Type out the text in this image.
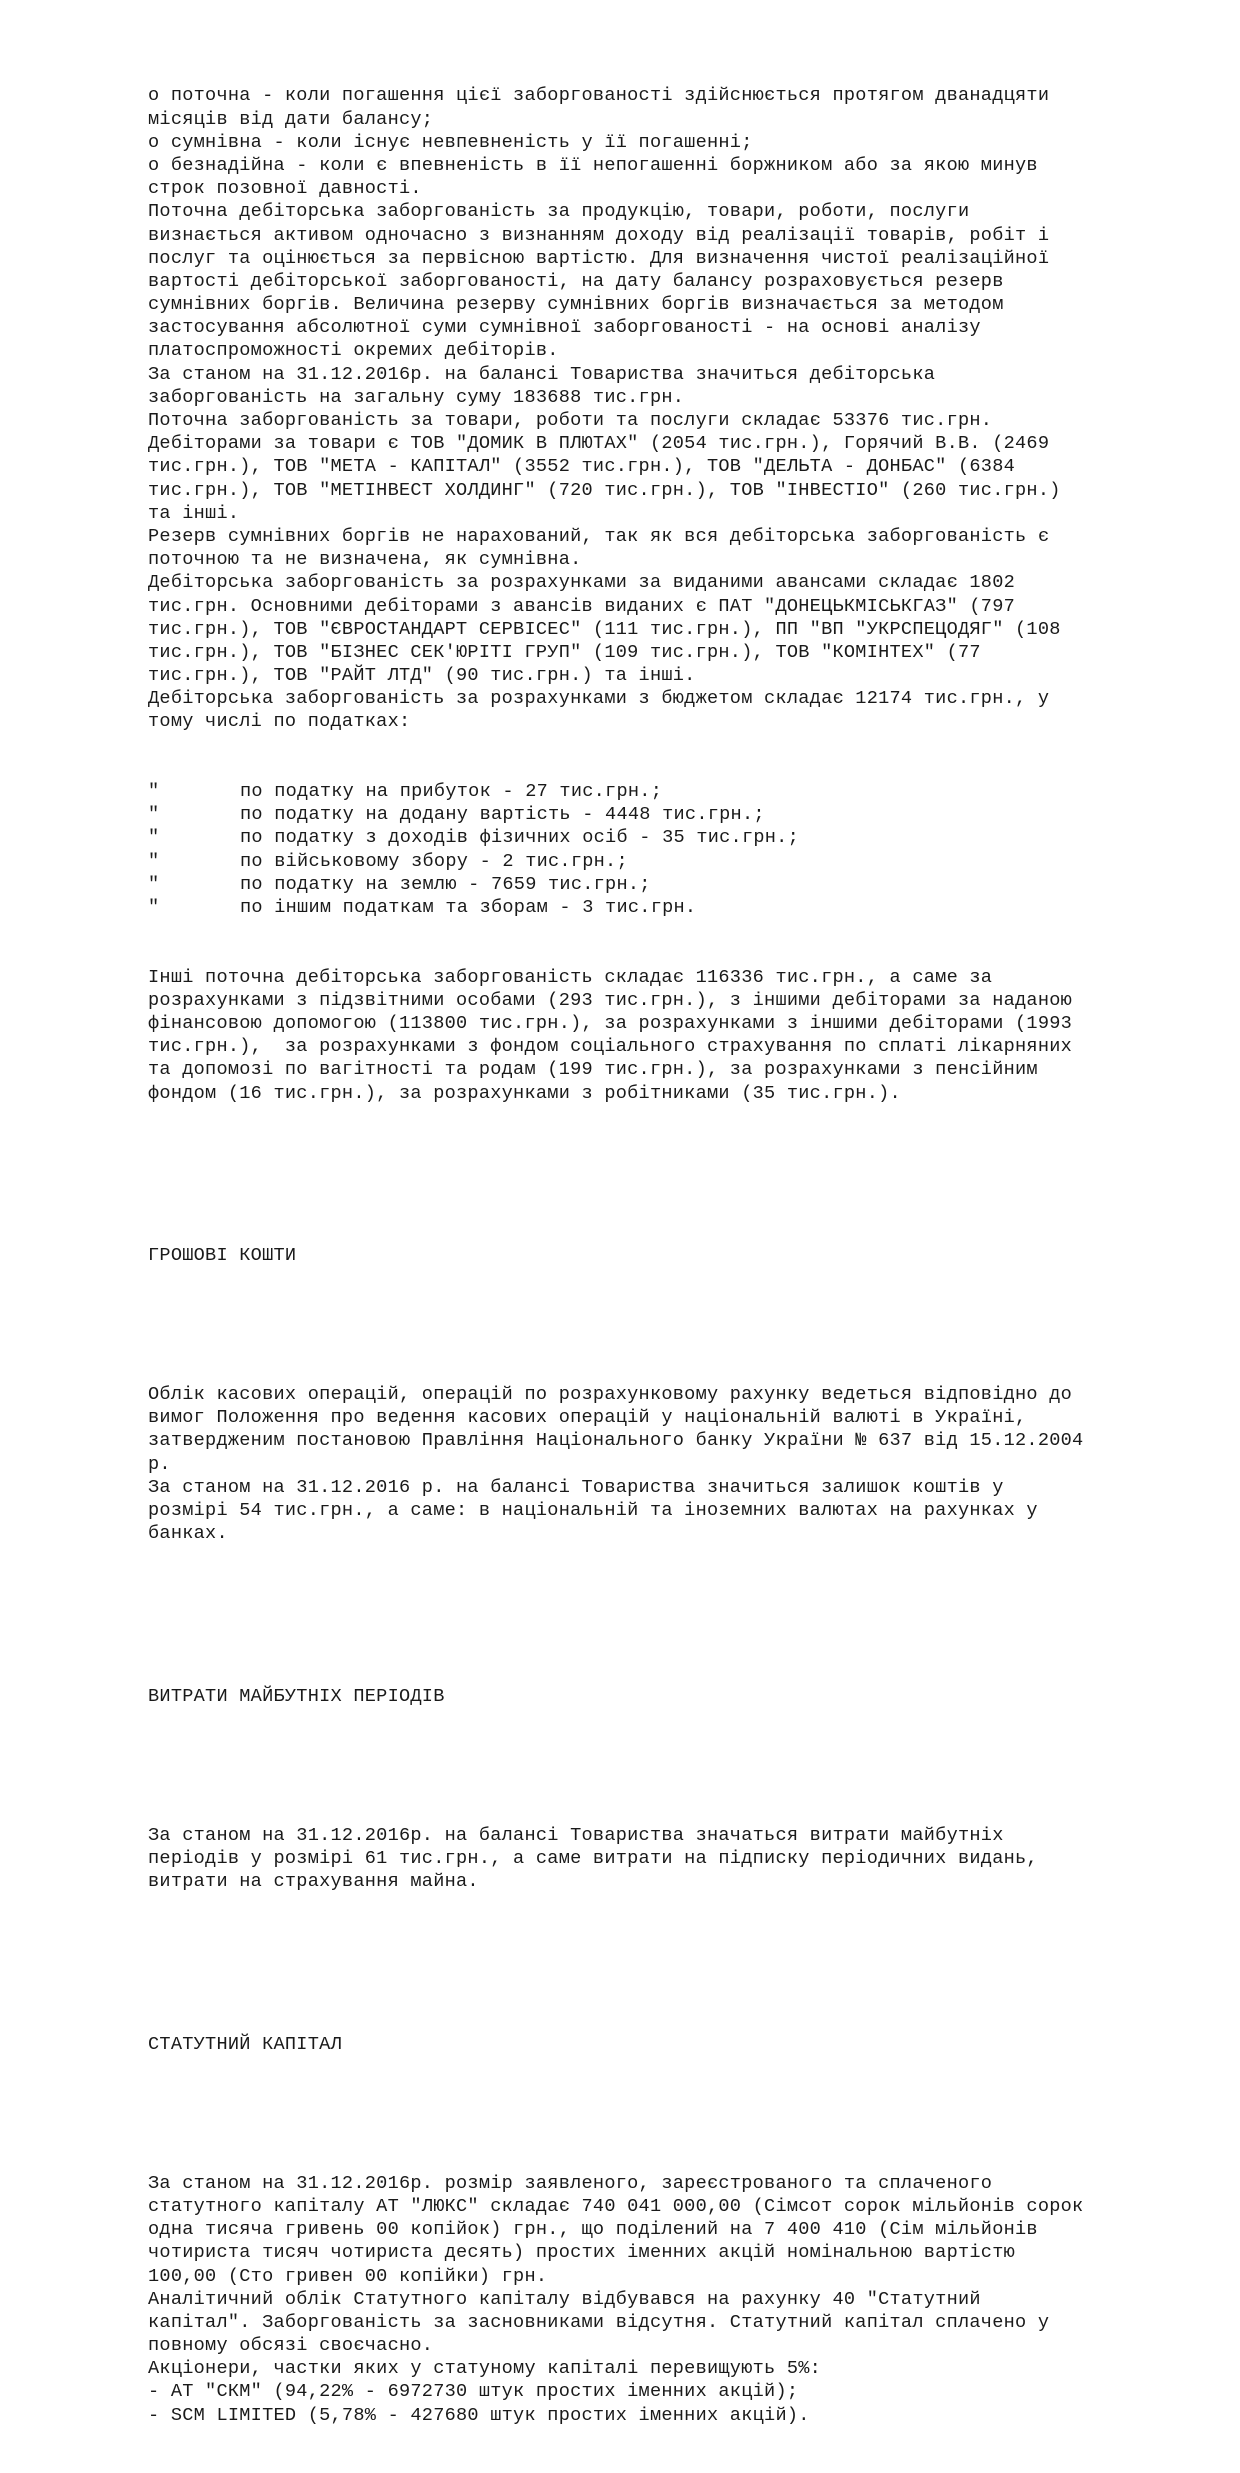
о поточна - коли погашення цієї заборгованості здійснюється протягом дванадцяти
місяців від дати балансу;
о сумнівна - коли існує невпевненість у її погашенні;
о безнадійна - коли є впевненість в її непогашенні боржником або за якою минув
строк позовної давності.
Поточна дебіторська заборгованість за продукцію, товари, роботи, послуги
визнається активом одночасно з визнанням доходу від реалізації товарів, робіт і
послуг та оцінюється за первісною вартістю. Для визначення чистої реалізаційної
вартості дебіторської заборгованості, на дату балансу розраховується резерв
сумнівних боргів. Величина резерву сумнівних боргів визначається за методом
застосування абсолютної суми сумнівної заборгованості - на основі аналізу
платоспроможності окремих дебіторів.
За станом на 31.12.2016р. на балансі Товариства значиться дебіторська
заборгованість на загальну суму 183688 тис.грн.
Поточна заборгованість за товари, роботи та послуги складає 53376 тис.грн.
Дебіторами за товари є ТОВ "ДОМИК В ПЛЮТАХ" (2054 тис.грн.), Горячий В.В. (2469
тис.грн.), ТОВ "МЕТА - КАПІТАЛ" (3552 тис.грн.), ТОВ "ДЕЛЬТА - ДОНБАС" (6384
тис.грн.), ТОВ "МЕТІНВЕСТ ХОЛДИНГ" (720 тис.грн.), ТОВ "ІНВЕСТІО" (260 тис.грн.)
та інші.
Резерв сумнівних боргів не нарахований, так як вся дебіторська заборгованість є
поточною та не визначена, як сумнівна.
Дебіторська заборгованість за розрахунками за виданими авансами складає 1802
тис.грн. Основними дебіторами з авансів виданих є ПАТ "ДОНЕЦЬКМІСЬКГАЗ" (797
тис.грн.), ТОВ "ЄВРОСТАНДАРТ СЕРВІСЕС" (111 тис.грн.), ПП "ВП "УКРСПЕЦОДЯГ" (108
тис.грн.), ТОВ "БІЗНЕС СЕК'ЮРІТІ ГРУП" (109 тис.грн.), ТОВ "КОМІНТЕХ" (77
тис.грн.), ТОВ "РАЙТ ЛТД" (90 тис.грн.) та інші.
Дебіторська заборгованість за розрахунками з бюджетом складає 12174 тис.грн., у
тому числі по податках:

"	по податку на прибуток - 27 тис.грн.;
"	по податку на додану вартість - 4448 тис.грн.;
"	по податку з доходів фізичних осіб - 35 тис.грн.;
"	по військовому збору - 2 тис.грн.;
"	по податку на землю - 7659 тис.грн.;
"	по іншим податкам та зборам - 3 тис.грн.

Інші поточна дебіторська заборгованість складає 116336 тис.грн., а саме за
розрахунками з підзвітними особами (293 тис.грн.), з іншими дебіторами за наданою
фінансовою допомогою (113800 тис.грн.), за розрахунками з іншими дебіторами (1993
тис.грн.),  за розрахунками з фондом соціального страхування по сплаті лікарняних
та допомозі по вагітності та родам (199 тис.грн.), за розрахунками з пенсійним
фондом (16 тис.грн.), за розрахунками з робітниками (35 тис.грн.).

ГРОШОВІ КОШТИ

Облік касових операцій, операцій по розрахунковому рахунку ведеться відповідно до
вимог Положення про ведення касових операцій у національній валюті в Україні,
затвердженим постановою Правління Національного банку України № 637 від 15.12.2004
р.
За станом на 31.12.2016 р. на балансі Товариства значиться залишок коштів у
розмірі 54 тис.грн., а саме: в національній та іноземних валютах на рахунках у
банках.

ВИТРАТИ МАЙБУТНІХ ПЕРІОДІВ

За станом на 31.12.2016р. на балансі Товариства значаться витрати майбутніх
періодів у розмірі 61 тис.грн., а саме витрати на підписку періодичних видань,
витрати на страхування майна.

СТАТУТНИЙ КАПІТАЛ

За станом на 31.12.2016р. розмір заявленого, зареєстрованого та сплаченого
статутного капіталу АТ "ЛЮКС" складає 740 041 000,00 (Сімсот сорок мільйонів сорок
одна тисяча гривень 00 копійок) грн., що поділений на 7 400 410 (Сім мільйонів
чотириста тисяч чотириста десять) простих іменних акцій номінальною вартістю
100,00 (Сто гривен 00 копійки) грн.
Аналітичний облік Статутного капіталу відбувався на рахунку 40 "Статутний
капітал". Заборгованість за засновниками відсутня. Статутний капітал сплачено у
повному обсязі своєчасно.
Акціонери, частки яких у статуному капіталі перевищують 5%:
- АТ "СКМ" (94,22% - 6972730 штук простих іменних акцій);
- SCM LIMITED (5,78% - 427680 штук простих іменних акцій).
